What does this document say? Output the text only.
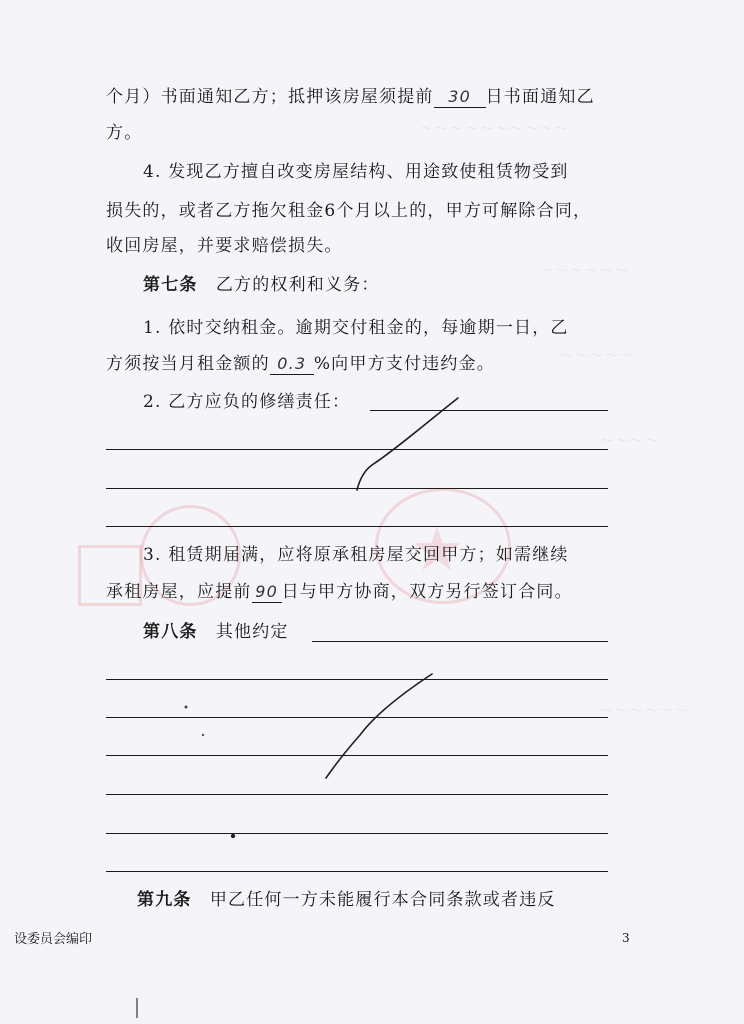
～～～～～～～～～～
～～～～～～
～～～～～
～～～～
～～～～～～
★
个月）书面通知乙方；抵押该房屋须提前 30 日书面通知乙
方。
4. 发现乙方擅自改变房屋结构、用途致使租赁物受到
损失的，或者乙方拖欠租金6个月以上的，甲方可解除合同，
收回房屋，并要求赔偿损失。
第七条  乙方的权利和义务：
1. 依时交纳租金。逾期交付租金的，每逾期一日，乙
方须按当月租金额的 0.3 %向甲方支付违约金。
2. 乙方应负的修缮责任：
3. 租赁期届满，应将原承租房屋交回甲方；如需继续
承租房屋，应提前 90 日与甲方协商，双方另行签订合同。
第八条  其他约定
第九条  甲乙任何一方未能履行本合同条款或者违反
设委员会编印	3
